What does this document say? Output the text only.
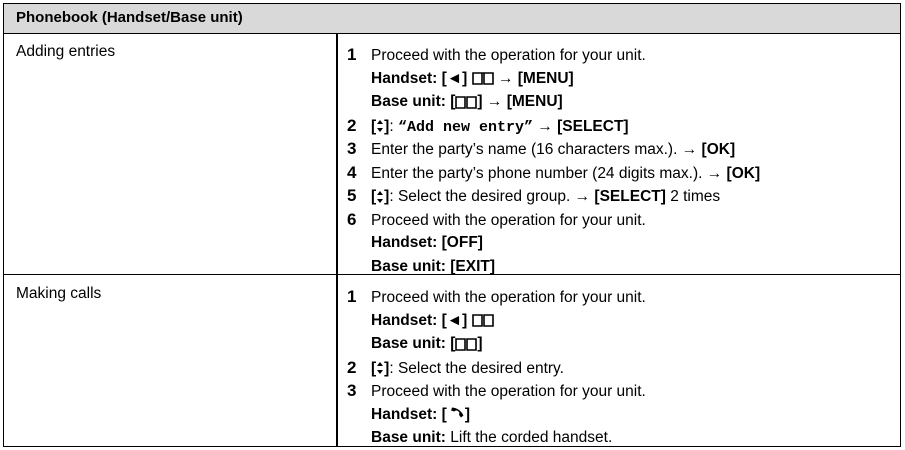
Phonebook (Handset/Base unit)
Adding entries	1 Proceed with the operation for your unit.
Handset: [◄] → [MENU]
Base unit: [ ] → [MENU]
2 [ ]: “Add new entry” → [SELECT]
3 Enter the party’s name (16 characters max.). → [OK]
4 Enter the party’s phone number (24 digits max.). → [OK]
5 [ ]: Select the desired group. → [SELECT] 2 times
6 Proceed with the operation for your unit.
Handset: [OFF]
Base unit: [EXIT]
Making calls	1 Proceed with the operation for your unit.
Handset: [◄]
Base unit: [ ]
2 [ ]: Select the desired entry.
3 Proceed with the operation for your unit.
Handset: [ ]
Base unit: Lift the corded handset.
